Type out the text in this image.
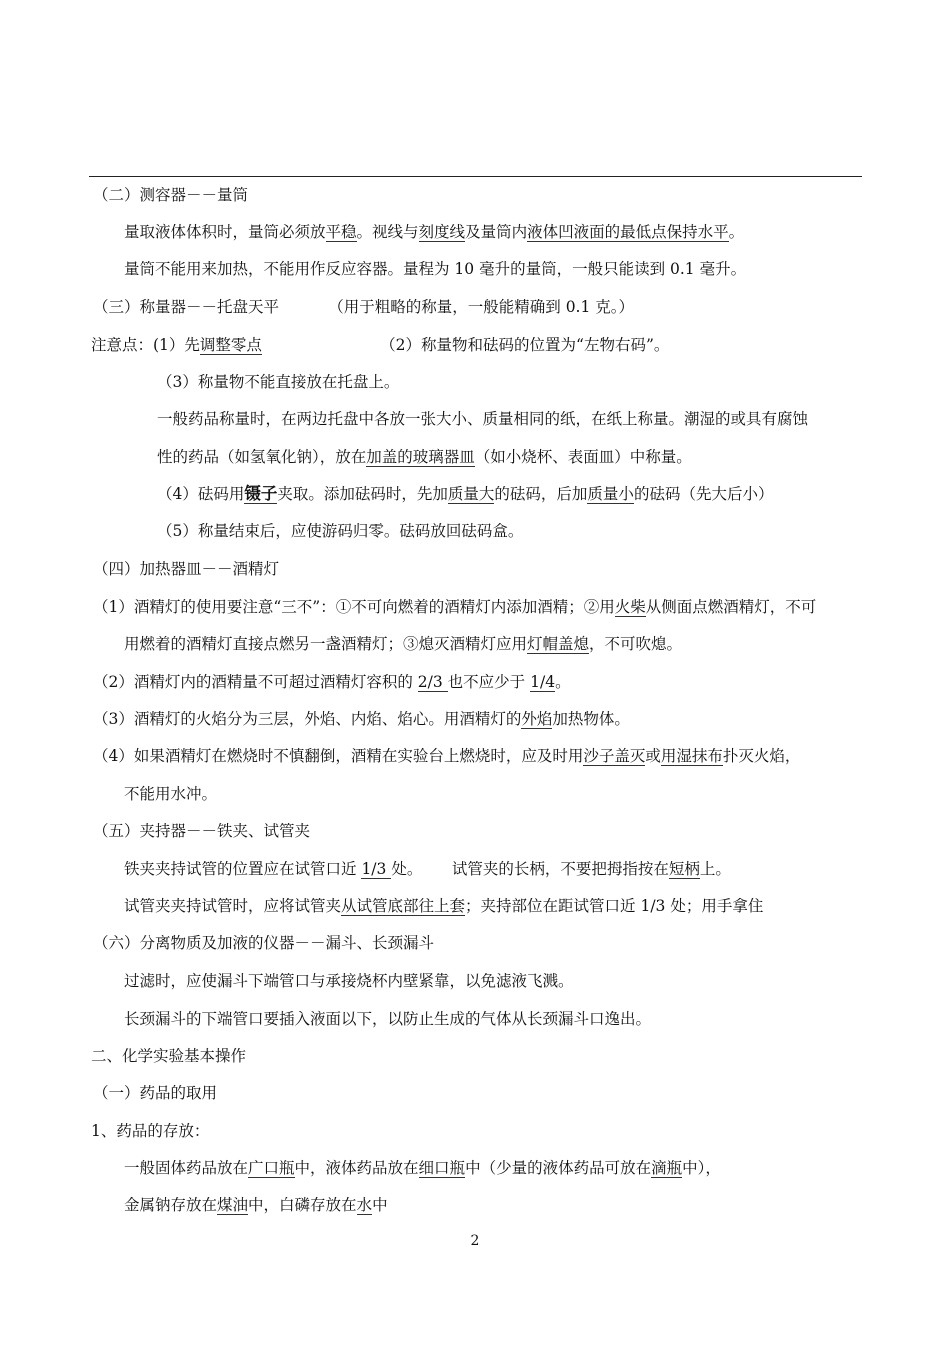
（二）测容器－－量筒
量取液体体积时，量筒必须放平稳。视线与刻度线及量筒内液体凹液面的最低点保持水平。
量筒不能用来加热，不能用作反应容器。量程为 10 毫升的量筒，一般只能读到 0.1 毫升。
（三）称量器－－托盘天平          （用于粗略的称量，一般能精确到 0.1 克。）
注意点：(1）先调整零点                        （2）称量物和砝码的位置为“左物右码”。
（3）称量物不能直接放在托盘上。
一般药品称量时，在两边托盘中各放一张大小、质量相同的纸，在纸上称量。潮湿的或具有腐蚀
性的药品（如氢氧化钠），放在加盖的玻璃器皿（如小烧杯、表面皿）中称量。
（4）砝码用镊子夹取。添加砝码时，先加质量大的砝码，后加质量小的砝码（先大后小）
（5）称量结束后，应使游码归零。砝码放回砝码盒。
（四）加热器皿－－酒精灯
（1）酒精灯的使用要注意“三不”：①不可向燃着的酒精灯内添加酒精；②用火柴从侧面点燃酒精灯，不可
用燃着的酒精灯直接点燃另一盏酒精灯；③熄灭酒精灯应用灯帽盖熄，不可吹熄。
（2）酒精灯内的酒精量不可超过酒精灯容积的 2/3 也不应少于 1/4。
（3）酒精灯的火焰分为三层，外焰、内焰、焰心。用酒精灯的外焰加热物体。
（4）如果酒精灯在燃烧时不慎翻倒，酒精在实验台上燃烧时，应及时用沙子盖灭或用湿抹布扑灭火焰，
不能用水冲。
（五）夹持器－－铁夹、试管夹
铁夹夹持试管的位置应在试管口近 1/3 处。      试管夹的长柄，不要把拇指按在短柄上。
试管夹夹持试管时，应将试管夹从试管底部往上套；夹持部位在距试管口近 1/3 处；用手拿住
（六）分离物质及加液的仪器－－漏斗、长颈漏斗
过滤时，应使漏斗下端管口与承接烧杯内壁紧靠，以免滤液飞溅。
长颈漏斗的下端管口要插入液面以下，以防止生成的气体从长颈漏斗口逸出。
二、化学实验基本操作
（一）药品的取用
1、药品的存放：
一般固体药品放在广口瓶中，液体药品放在细口瓶中（少量的液体药品可放在滴瓶中），
金属钠存放在煤油中，白磷存放在水中
2
